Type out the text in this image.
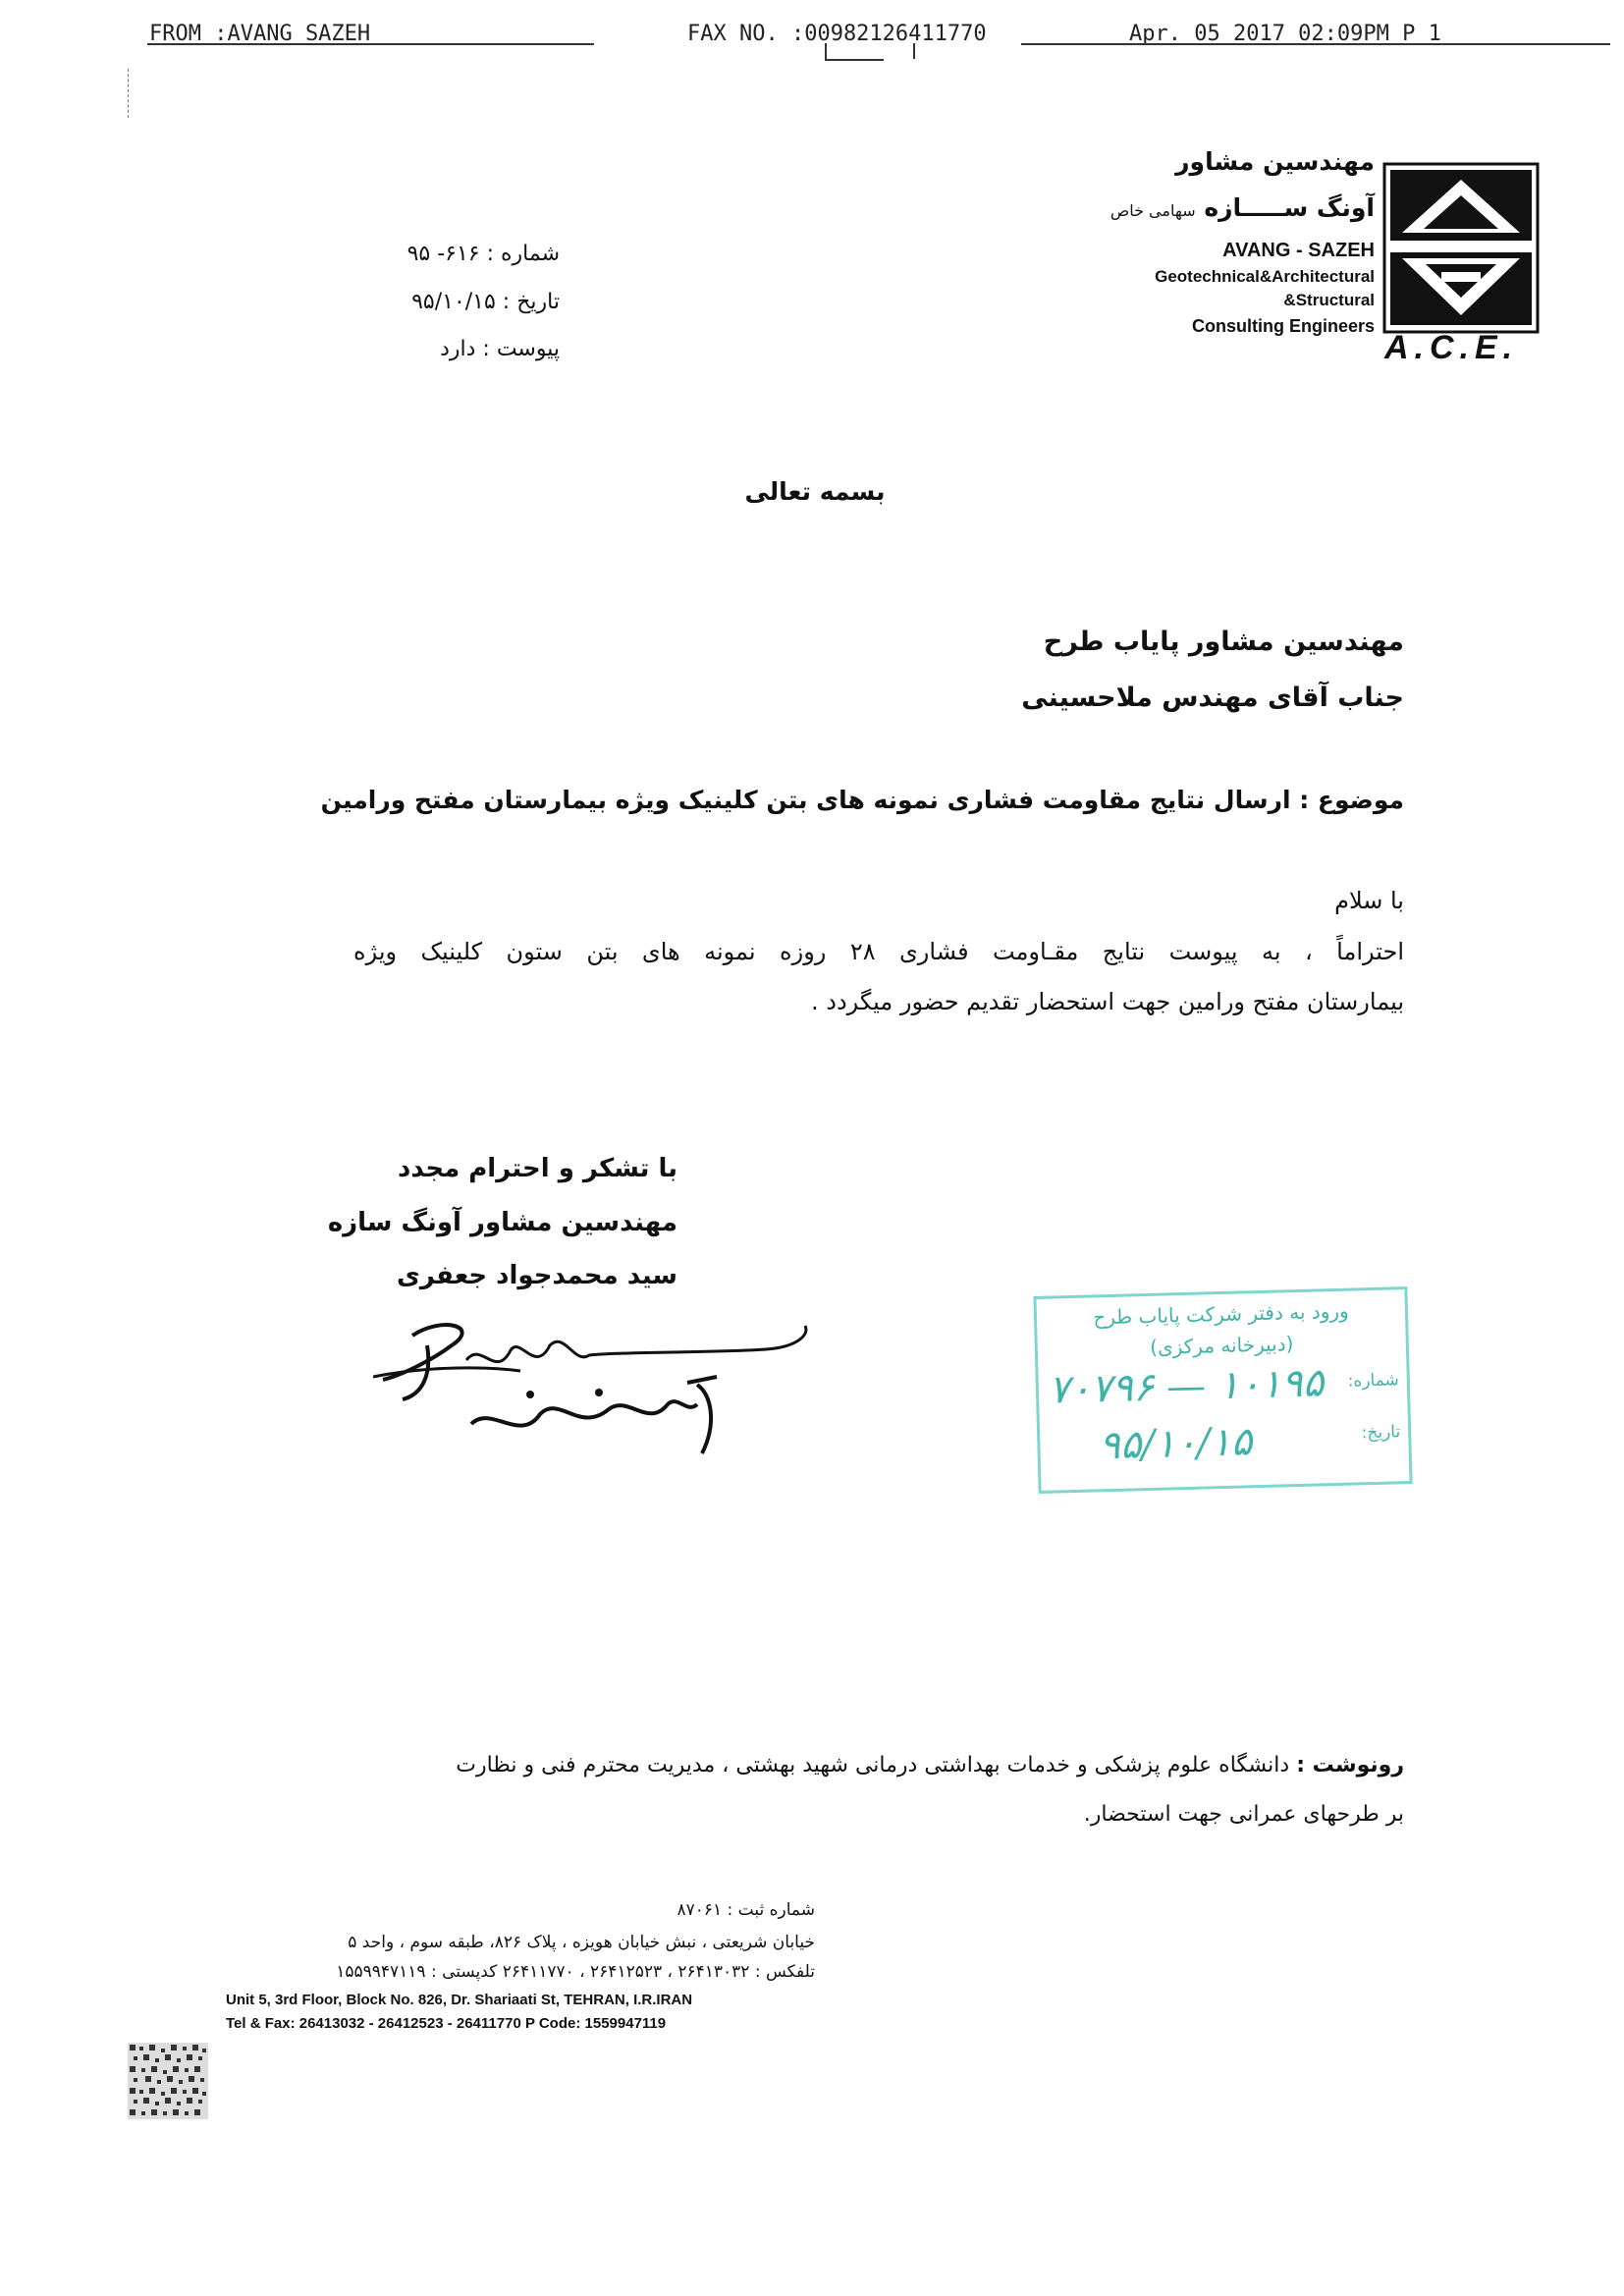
FROM :AVANG SAZEH	FAX NO. :00982126411770	Apr. 05 2017 02:09PM P 1
مهندسین مشاور
آونگ ســـــازه سهامی خاص
AVANG - SAZEH
Geotechnical&Architectural
&Structural
Consulting Engineers
A.C.E.
شماره : ۶۱۶- ۹۵
تاریخ : ۹۵/۱۰/۱۵
پیوست : دارد
بسمه تعالی
مهندسین مشاور پایاب طرح
جناب آقای مهندس ملاحسینی
موضوع : ارسال نتایج مقاومت فشاری نمونه های بتن کلینیک ویژه بیمارستان مفتح ورامین
با سلام
احتراماً ، به پیوست نتایج مقـاومت فشاری ۲۸ روزه نمونه های بتن ستون کلینیک ویژه
بیمارستان مفتح ورامین جهت استحضار تقدیم حضور میگردد .
با تشکر و احترام مجدد
مهندسین مشاور آونگ سازه
سید محمدجواد جعفری
ورود به دفتر شرکت پایاب طرح
(دبیرخانه مرکزی)
شماره:
تاریخ:
۱۰۱۹۵ — ۷۰۷۹۶
۹۵/۱۰/۱۵
رونوشت : دانشگاه علوم پزشکی و خدمات بهداشتی درمانی شهید بهشتی ، مدیریت محترم فنی و نظارت
بر طرحهای عمرانی جهت استحضار.
شماره ثبت : ۸۷۰۶۱
خیابان شریعتی ، نبش خیابان هویزه ، پلاک ۸۲۶، طبقه سوم ، واحد ۵
تلفکس : ۲۶۴۱۳۰۳۲ ، ۲۶۴۱۲۵۲۳ ، ۲۶۴۱۱۷۷۰ کدپستی : ۱۵۵۹۹۴۷۱۱۹
Unit 5, 3rd Floor, Block No. 826, Dr. Shariaati St, TEHRAN, I.R.IRAN
Tel & Fax: 26413032 - 26412523 - 26411770 P Code: 1559947119
